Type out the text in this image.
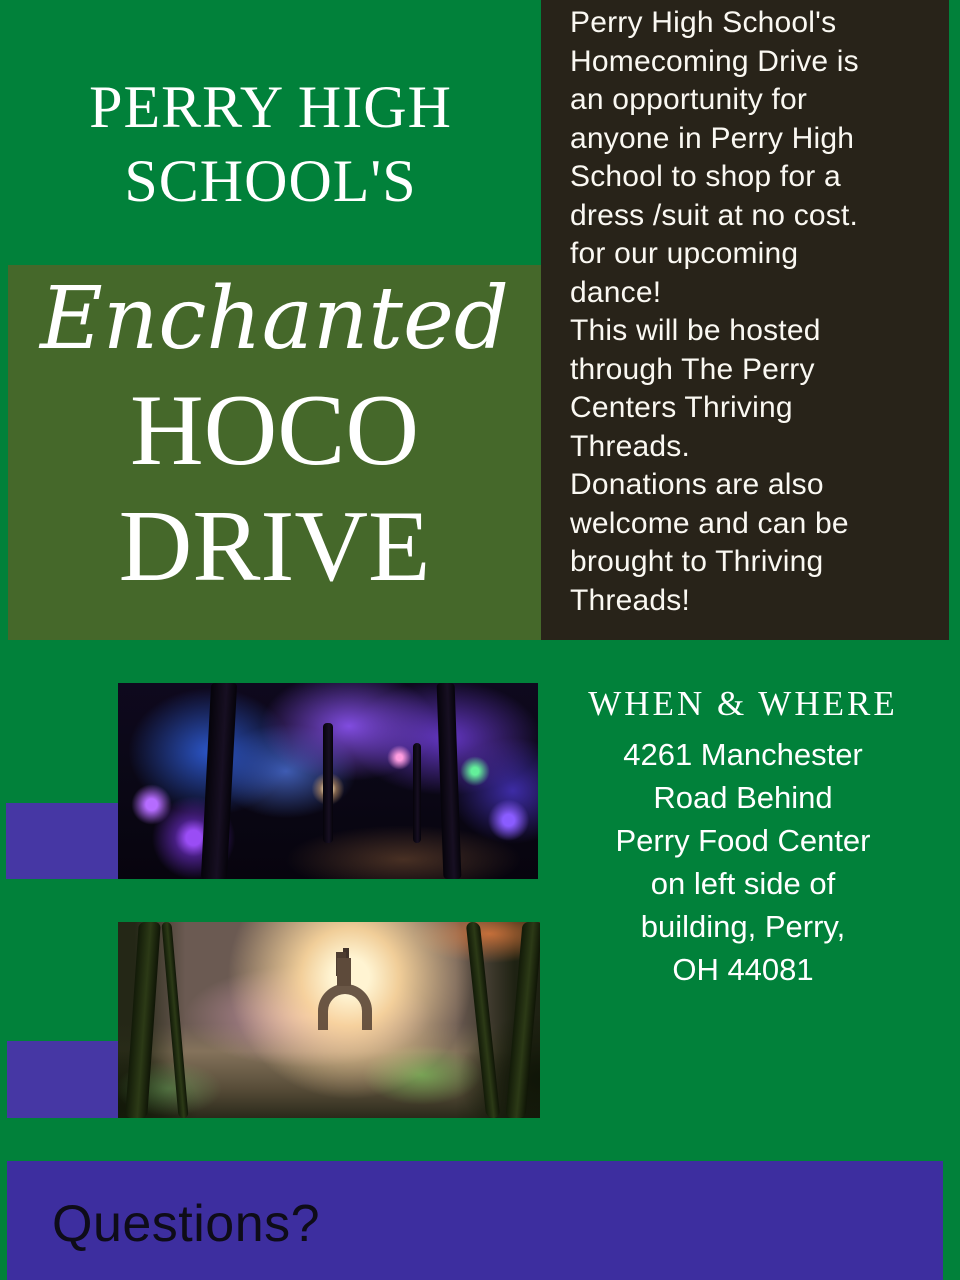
PERRY HIGH
SCHOOL'S
Enchanted
HOCO
DRIVE
Perry High School's
Homecoming Drive is
an opportunity for
anyone in Perry High
School to shop for a
dress /suit at no cost.
for our upcoming
dance!
This will be hosted
through The Perry
Centers Thriving
Threads.
Donations are also
welcome and can be
brought to Thriving
Threads!
WHEN & WHERE
4261 Manchester
Road Behind
Perry Food Center
on left side of
building, Perry,
OH 44081
Questions?
